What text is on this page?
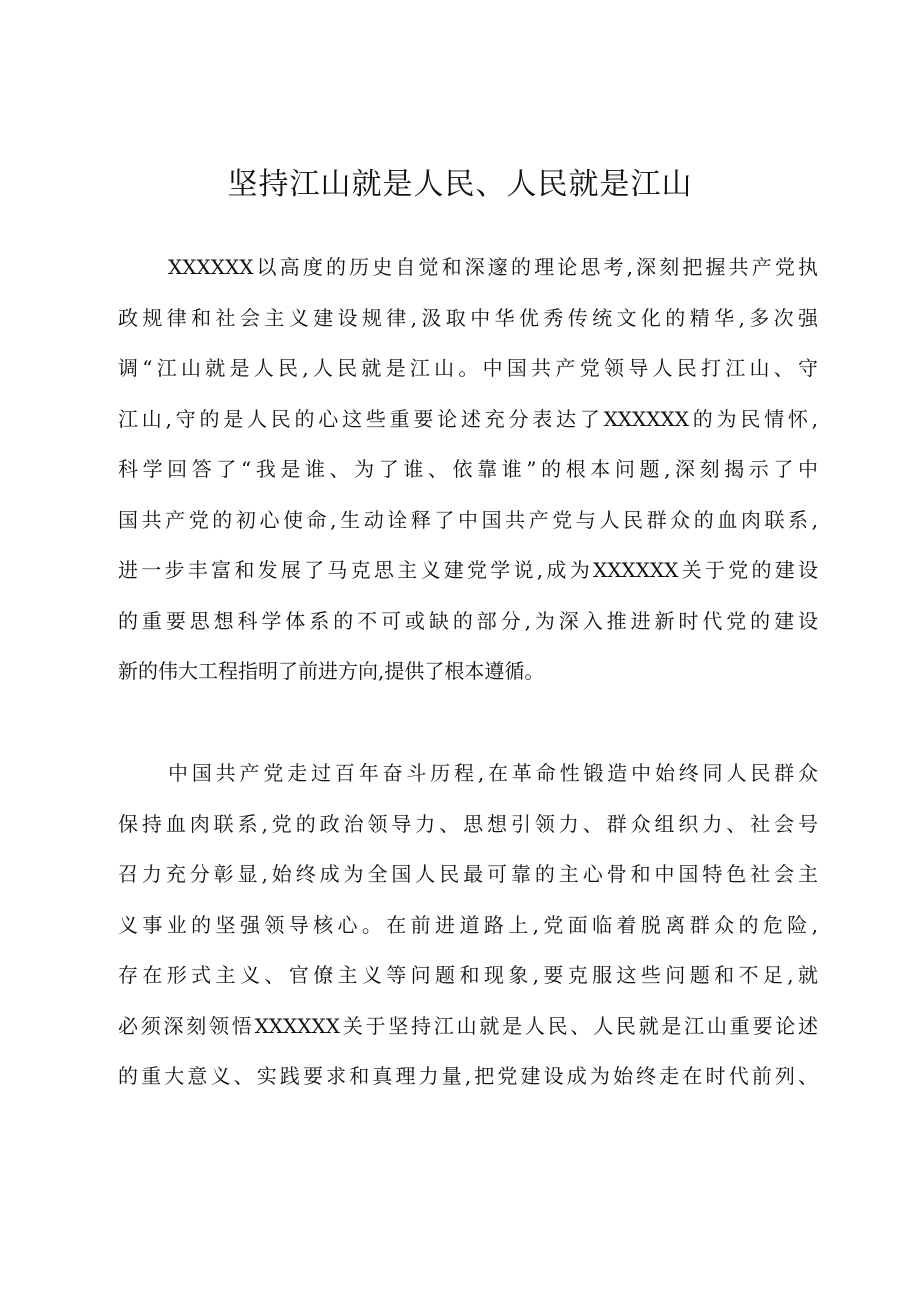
坚持江山就是人民、人民就是江山
XXXXXX以高度的历史自觉和深邃的理论思考,深刻把握共产党执
政规律和社会主义建设规律,汲取中华优秀传统文化的精华,多次强
调“江山就是人民,人民就是江山。中国共产党领导人民打江山、守
江山,守的是人民的心这些重要论述充分表达了XXXXXX的为民情怀,
科学回答了“我是谁、为了谁、依靠谁”的根本问题,深刻揭示了中
国共产党的初心使命,生动诠释了中国共产党与人民群众的血肉联系,
进一步丰富和发展了马克思主义建党学说,成为XXXXXX关于党的建设
的重要思想科学体系的不可或缺的部分,为深入推进新时代党的建设
新的伟大工程指明了前进方向,提供了根本遵循。
中国共产党走过百年奋斗历程,在革命性锻造中始终同人民群众
保持血肉联系,党的政治领导力、思想引领力、群众组织力、社会号
召力充分彰显,始终成为全国人民最可靠的主心骨和中国特色社会主
义事业的坚强领导核心。在前进道路上,党面临着脱离群众的危险,
存在形式主义、官僚主义等问题和现象,要克服这些问题和不足,就
必须深刻领悟XXXXXX关于坚持江山就是人民、人民就是江山重要论述
的重大意义、实践要求和真理力量,把党建设成为始终走在时代前列、
